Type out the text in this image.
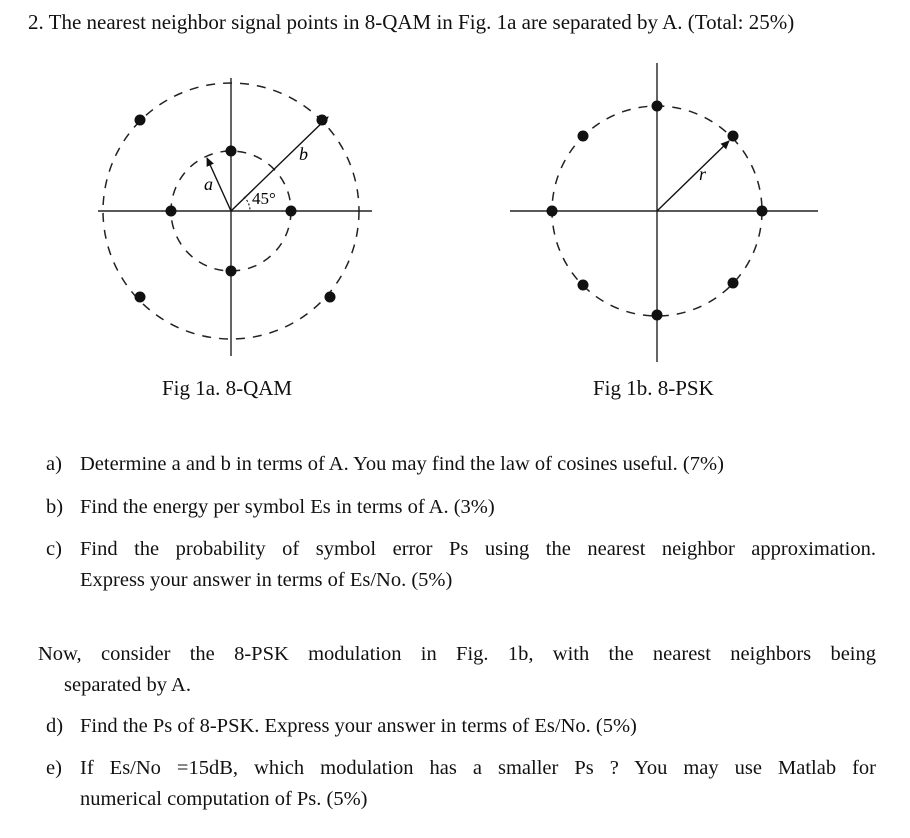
2. The nearest neighbor signal points in 8-QAM in Fig. 1a are separated by A. (Total: 25%)
a
b
45°
r
Fig 1a. 8-QAM	Fig 1b. 8-PSK
a) Determine a and b in terms of A. You may find the law of cosines useful. (7%)
b) Find the energy per symbol Es in terms of A. (3%)
c) Find the probability of symbol error Ps using the nearest neighbor approximation.
Express your answer in terms of Es/No. (5%)
Now, consider the 8-PSK modulation in Fig. 1b, with the nearest neighbors being
separated by A.
d) Find the Ps of 8-PSK. Express your answer in terms of Es/No. (5%)
e) If Es/No =15dB, which modulation has a smaller Ps ? You may use Matlab for
numerical computation of Ps. (5%)
